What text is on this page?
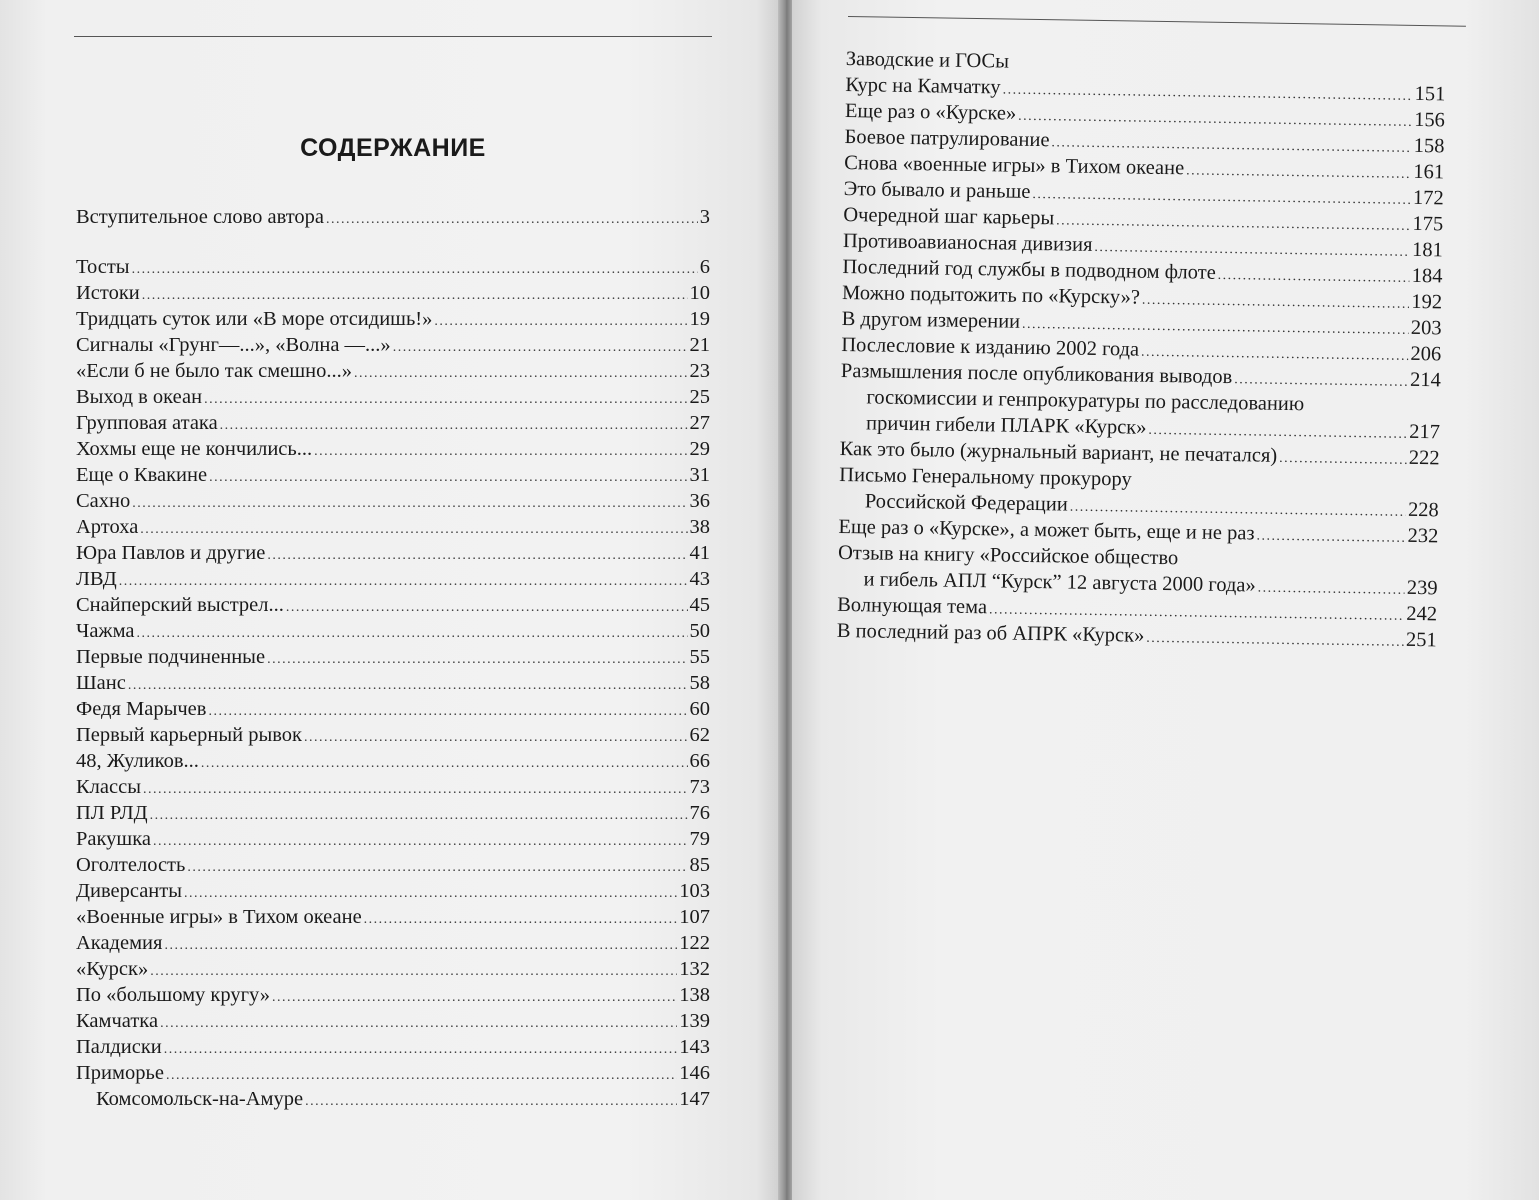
СОДЕРЖАНИЕ
Вступительное слово автора .....	3
Тосты .....	6
Истоки .....	10
Тридцать суток или «В море отсидишь!» .....	19
Сигналы «Грунг—...», «Волна —...» .....	21
«Если б не было так смешно...» .....	23
Выход в океан .....	25
Групповая атака .....	27
Хохмы еще не кончились... .....	29
Еще о Квакине .....	31
Сахно .....	36
Артоха .....	38
Юра Павлов и другие .....	41
ЛВД .....	43
Снайперский выстрел... .....	45
Чажма .....	50
Первые подчиненные .....	55
Шанс .....	58
Федя Марычев .....	60
Первый карьерный рывок .....	62
48, Жуликов... .....	66
Классы .....	73
ПЛ РЛД .....	76
Ракушка .....	79
Оголтелость .....	85
Диверсанты .....	103
«Военные игры» в Тихом океане .....	107
Академия .....	122
«Курск» .....	132
По «большому кругу» .....	138
Камчатка .....	139
Палдиски .....	143
Приморье .....	146
Комсомольск-на-Амуре .....	147
Заводские и ГОСы
Курс на Камчатку .....	151
Еще раз о «Курске» .....	156
Боевое патрулирование .....	158
Снова «военные игры» в Тихом океане .....	161
Это бывало и раньше .....	172
Очередной шаг карьеры .....	175
Противоавианосная дивизия .....	181
Последний год службы в подводном флоте .....	184
Можно подытожить по «Курску»? .....	192
В другом измерении .....	203
Послесловие к изданию 2002 года .....	206
Размышления после опубликования выводов .....	214
госкомиссии и генпрокуратуры по расследованию
причин гибели ПЛАРК «Курск» .....	217
Как это было (журнальный вариант, не печатался) .....	222
Письмо Генеральному прокурору
Российской Федерации .....	228
Еще раз о «Курске», а может быть, еще и не раз .....	232
Отзыв на книгу «Российское общество
и гибель АПЛ “Курск” 12 августа 2000 года» .....	239
Волнующая тема .....	242
В последний раз об АПРК «Курск» .....	251
